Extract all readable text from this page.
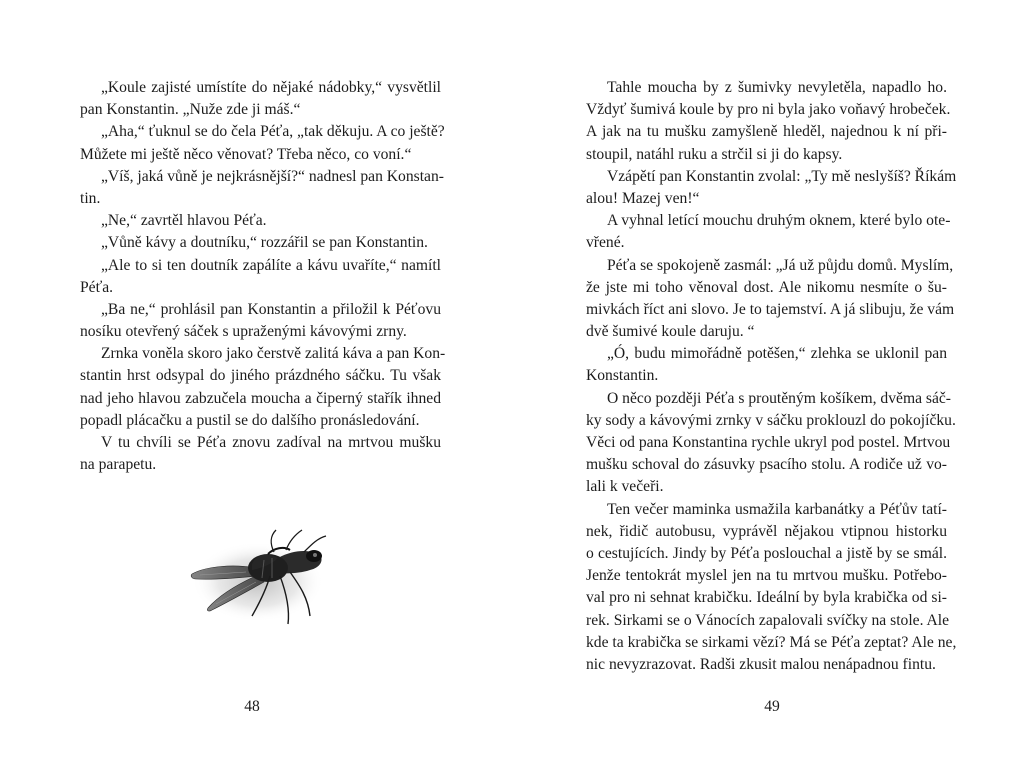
„Koule zajisté umístíte do nějaké nádobky,“ vysvětlil
pan Konstantin. „Nuže zde ji máš.“
„Aha,“ ťuknul se do čela Péťa, „tak děkuju. A co ještě?
Můžete mi ještě něco věnovat? Třeba něco, co voní.“
„Víš, jaká vůně je nejkrásnější?“ nadnesl pan Konstan-
tin.
„Ne,“ zavrtěl hlavou Péťa.
„Vůně kávy a doutníku,“ rozzářil se pan Konstantin.
„Ale to si ten doutník zapálíte a kávu uvaříte,“ namítl
Péťa.
„Ba ne,“ prohlásil pan Konstantin a přiložil k Péťovu
nosíku otevřený sáček s upraženými kávovými zrny.
Zrnka voněla skoro jako čerstvě zalitá káva a pan Kon-
stantin hrst odsypal do jiného prázdného sáčku. Tu však
nad jeho hlavou zabzučela moucha a čiperný stařík ihned
popadl plácačku a pustil se do dalšího pronásledování.
V tu chvíli se Péťa znovu zadíval na mrtvou mušku
na parapetu.
48
Tahle moucha by z šumivky nevyletěla, napadlo ho.
Vždyť šumivá koule by pro ni byla jako voňavý hrobeček.
A jak na tu mušku zamyšleně hleděl, najednou k ní při-
stoupil, natáhl ruku a strčil si ji do kapsy.
Vzápětí pan Konstantin zvolal: „Ty mě neslyšíš? Říkám
alou! Mazej ven!“
A vyhnal letící mouchu druhým oknem, které bylo ote-
vřené.
Péťa se spokojeně zasmál: „Já už půjdu domů. Myslím,
že jste mi toho věnoval dost. Ale nikomu nesmíte o šu-
mivkách říct ani slovo. Je to tajemství. A já slibuju, že vám
dvě šumivé koule daruju. “
„Ó, budu mimořádně potěšen,“ zlehka se uklonil pan
Konstantin.
O něco později Péťa s proutěným košíkem, dvěma sáč-
ky sody a kávovými zrnky v sáčku proklouzl do pokojíčku.
Věci od pana Konstantina rychle ukryl pod postel. Mrtvou
mušku schoval do zásuvky psacího stolu. A rodiče už vo-
lali k večeři.
Ten večer maminka usmažila karbanátky a Péťův tatí-
nek, řidič autobusu, vyprávěl nějakou vtipnou historku
o cestujících. Jindy by Péťa poslouchal a jistě by se smál.
Jenže tentokrát myslel jen na tu mrtvou mušku. Potřebo-
val pro ni sehnat krabičku. Ideální by byla krabička od si-
rek. Sirkami se o Vánocích zapalovali svíčky na stole. Ale
kde ta krabička se sirkami vězí? Má se Péťa zeptat? Ale ne,
nic nevyzrazovat. Radši zkusit malou nenápadnou fintu.
49
